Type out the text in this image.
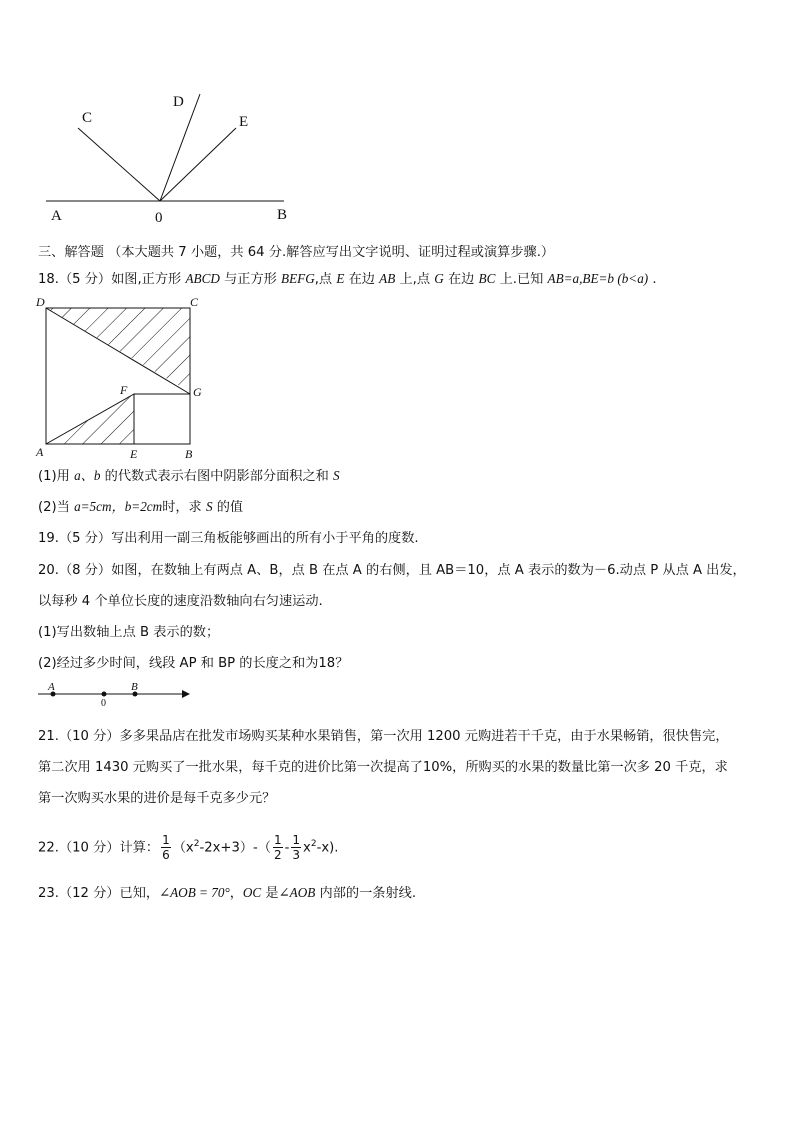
C
D
E
A	0	B
三、解答题 （本大题共 7 小题，共 64 分.解答应写出文字说明、证明过程或演算步骤.）
18.（5 分）如图,正方形 ABCD 与正方形 BEFG,点 E 在边 AB 上,点 G 在边 BC 上.已知 AB=a,BE=b (b<a) .
D	C
F	G
A	E	B
(1)用 a、b 的代数式表示右图中阴影部分面积之和 S
(2)当 a=5cm，b=2cm时，求 S 的值
19.（5 分）写出利用一副三角板能够画出的所有小于平角的度数.
20.（8 分）如图，在数轴上有两点 A、B，点 B 在点 A 的右侧，且 AB＝10，点 A 表示的数为－6.动点 P 从点 A 出发，
以每秒 4 个单位长度的速度沿数轴向右匀速运动.
(1)写出数轴上点 B 表示的数；
(2)经过多少时间，线段 AP 和 BP 的长度之和为18？
A	B
0
21.（10 分）多多果品店在批发市场购买某种水果销售，第一次用 1200 元购进若干千克，由于水果畅销，很快售完，
第二次用 1430 元购买了一批水果，每千克的进价比第一次提高了10%，所购买的水果的数量比第一次多 20 千克，求
第一次购买水果的进价是每千克多少元？
22.（10 分）计算： $\frac{1}{6} (x^2-2x+3)-( \frac{1}{2} - \frac{1}{3} x^2-x)$.
23.（12 分）已知，∠AOB = 70°，OC 是∠AOB 内部的一条射线.
